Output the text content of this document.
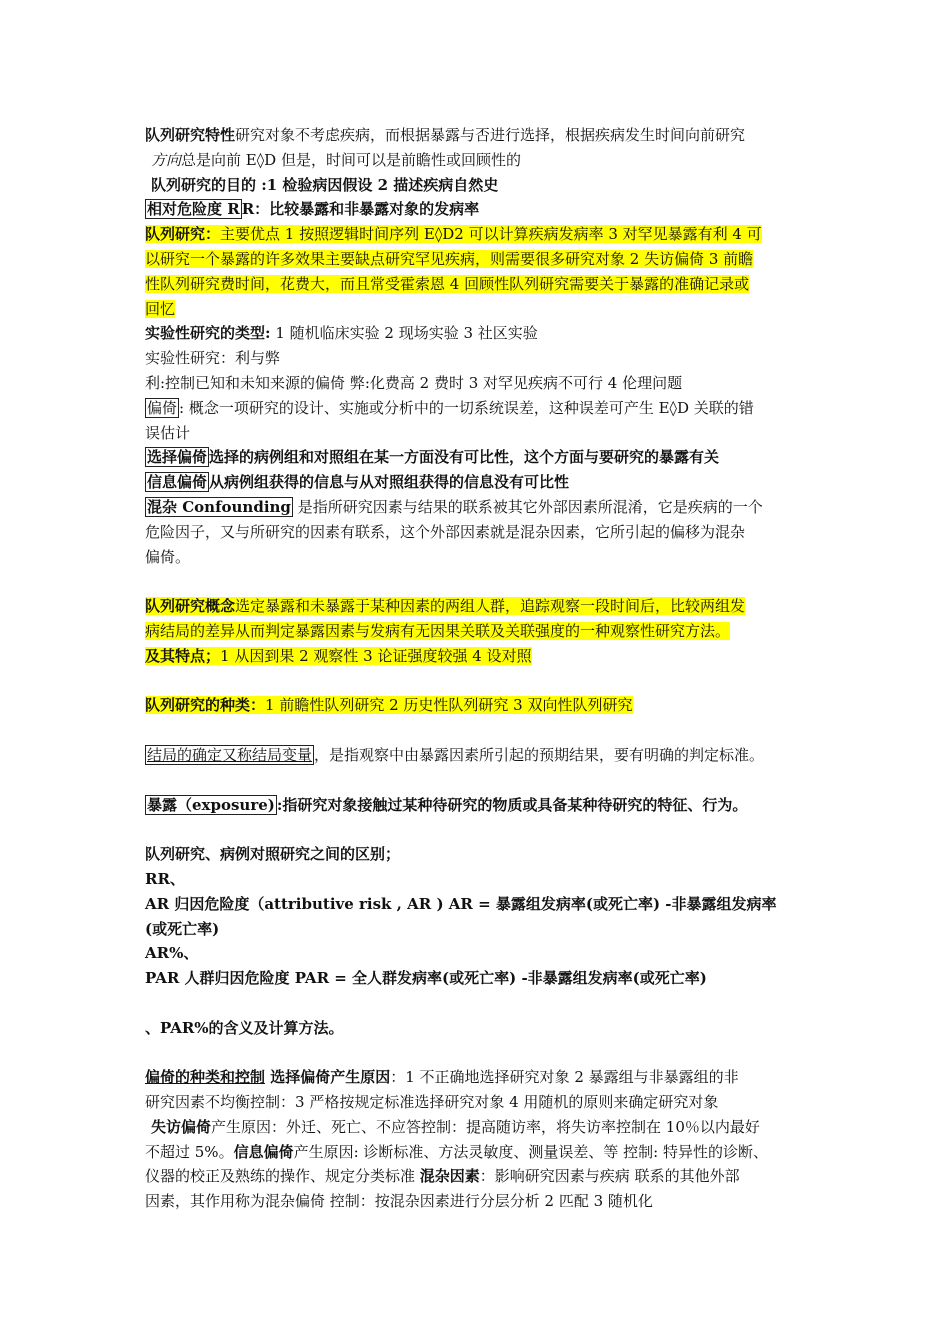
队列研究特性研究对象不考虑疾病，而根据暴露与否进行选择，根据疾病发生时间向前研究
方向总是向前 E◊D 但是，时间可以是前瞻性或回顾性的
队列研究的目的 :1 检验病因假设 2 描述疾病自然史
相对危险度 R R：比较暴露和非暴露对象的发病率
队列研究：主要优点 1 按照逻辑时间序列 E◊D2 可以计算疾病发病率 3 对罕见暴露有利 4 可
以研究一个暴露的许多效果主要缺点研究罕见疾病，则需要很多研究对象 2 失访偏倚 3 前瞻
性队列研究费时间，花费大，而且常受霍索恩 4 回顾性队列研究需要关于暴露的准确记录或
回忆
实验性研究的类型: 1 随机临床实验 2 现场实验 3 社区实验
实验性研究：利与弊
利:控制已知和未知来源的偏倚 弊:化费高 2 费时 3 对罕见疾病不可行 4 伦理问题
偏倚 : 概念一项研究的设计、实施或分析中的一切系统误差，这种误差可产生 E◊D 关联的错
误估计
选择偏倚 选择的病例组和对照组在某一方面没有可比性，这个方面与要研究的暴露有关
信息偏倚 从病例组获得的信息与从对照组获得的信息没有可比性
混杂 Confounding 是指所研究因素与结果的联系被其它外部因素所混淆，它是疾病的一个
危险因子，又与所研究的因素有联系，这个外部因素就是混杂因素，它所引起的偏移为混杂
偏倚。
队列研究概念选定暴露和未暴露于某种因素的两组人群，追踪观察一段时间后，比较两组发
病结局的差异从而判定暴露因素与发病有无因果关联及关联强度的一种观察性研究方法。
及其特点；1 从因到果 2 观察性 3 论证强度较强 4 设对照
队列研究的种类：1 前瞻性队列研究 2 历史性队列研究 3 双向性队列研究
结局的确定又称结局变量 ，是指观察中由暴露因素所引起的预期结果，要有明确的判定标准。
暴露（exposure) :指研究对象接触过某种待研究的物质或具备某种待研究的特征、行为。
队列研究、病例对照研究之间的区别；
RR、
AR 归因危险度（attributive risk , AR ) AR = 暴露组发病率(或死亡率) -非暴露组发病率
(或死亡率)
AR%、
PAR 人群归因危险度 PAR = 全人群发病率(或死亡率) -非暴露组发病率(或死亡率)
、PAR%的含义及计算方法。
偏倚的种类和控制 选择偏倚产生原因：1 不正确地选择研究对象 2 暴露组与非暴露组的非
研究因素不均衡控制：3 严格按规定标准选择研究对象 4 用随机的原则来确定研究对象
失访偏倚产生原因：外迁、死亡、不应答控制：提高随访率，将失访率控制在 10％以内最好
不超过 5%。信息偏倚产生原因: 诊断标准、方法灵敏度、测量误差、等 控制: 特异性的诊断、
仪器的校正及熟练的操作、规定分类标准 混杂因素：影响研究因素与疾病 联系的其他外部
因素，其作用称为混杂偏倚 控制：按混杂因素进行分层分析 2 匹配 3 随机化
